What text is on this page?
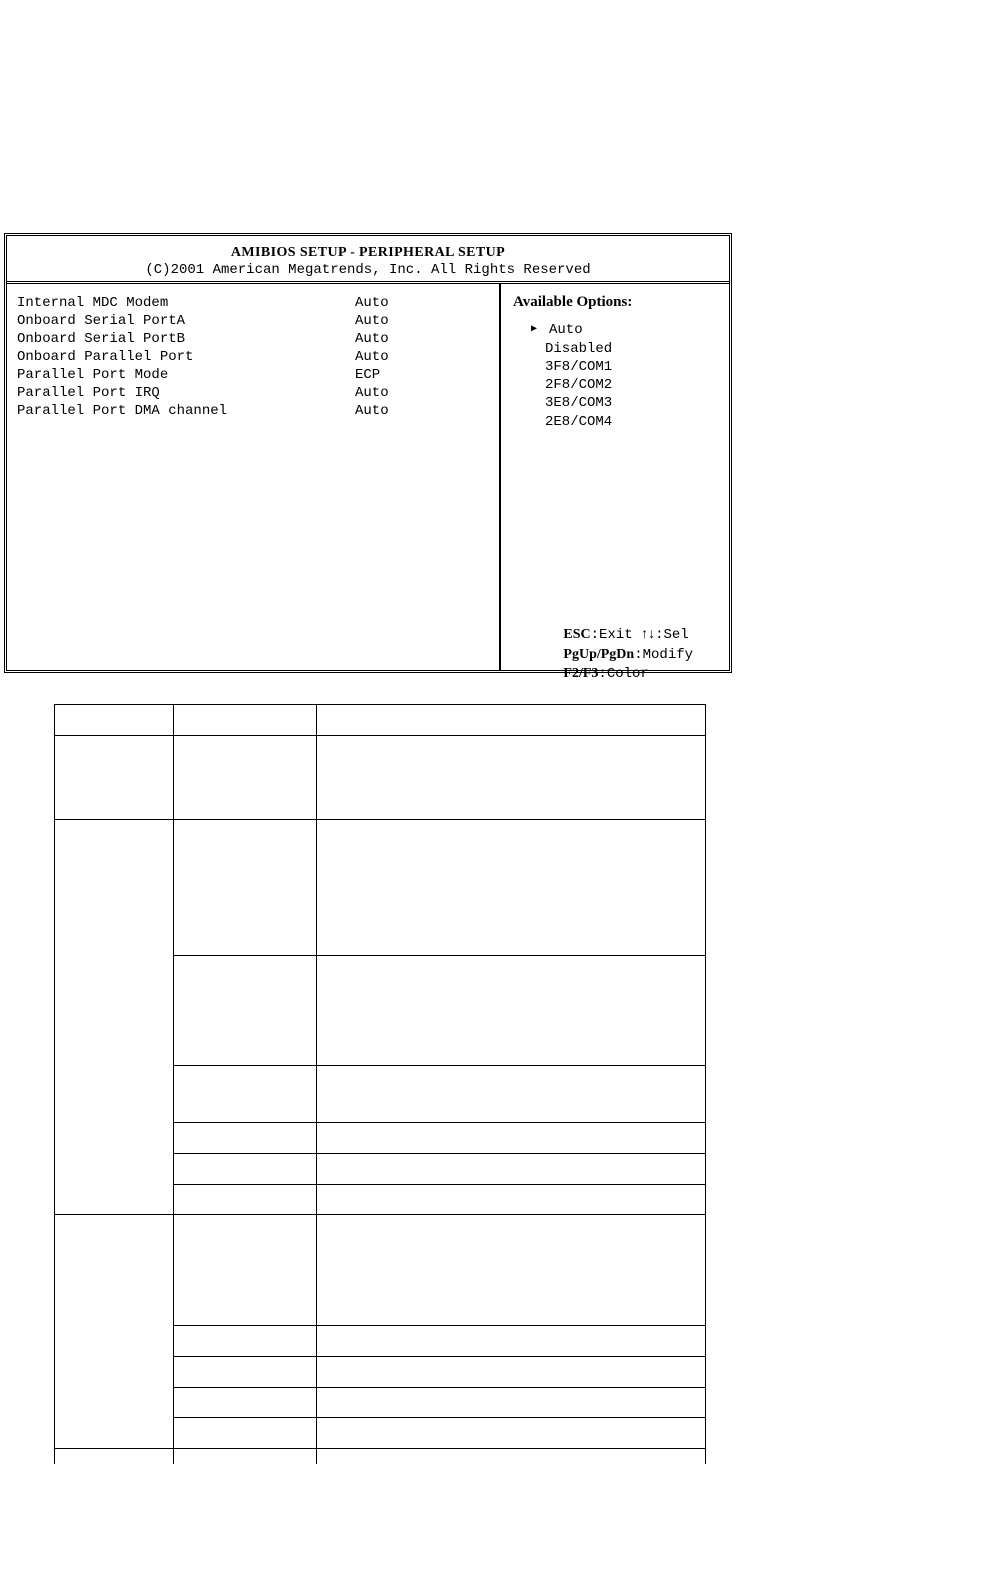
AMIBIOS SETUP - PERIPHERAL SETUP
(C)2001 American Megatrends, Inc. All Rights Reserved

Internal MDC Modem

	Auto

Onboard Serial PortA

	Auto

Onboard Serial PortB

	Auto

Onboard Parallel Port

	Auto

Parallel Port Mode

	ECP

Parallel Port IRQ

	Auto

Parallel Port DMA channel

	Auto

Available Options:
▶ Auto
Disabled
3F8/COM1
2F8/COM2
3E8/COM3
2E8/COM4

ESC:Exit ↑↓:Sel

PgUp/PgDn:Modify

F2/F3:Color
